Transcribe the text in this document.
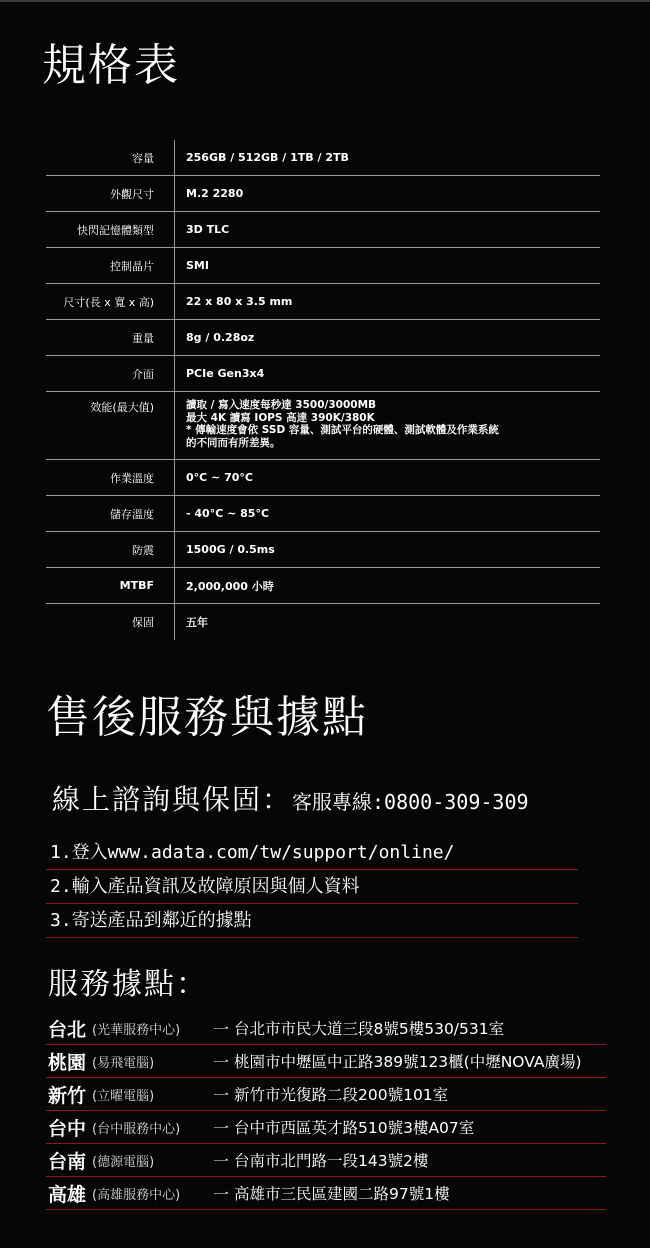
規格表
容量	256GB / 512GB / 1TB / 2TB
外觀尺寸	M.2 2280
快閃記憶體類型	3D TLC
控制晶片	SMI
尺寸(長 x 寬 x 高)	22 x 80 x 3.5 mm
重量	8g / 0.28oz
介面	PCIe Gen3x4
效能(最大值)	讀取 / 寫入速度每秒達 3500/3000MB
最大 4K 讀寫 IOPS 高達 390K/380K
* 傳輸速度會依 SSD 容量、測試平台的硬體、測試軟體及作業系統
的不同而有所差異。
作業溫度	0°C ~ 70°C
儲存溫度	- 40°C ~ 85°C
防震	1500G / 0.5ms
MTBF	2,000,000 小時
保固	五年
售後服務與據點
線上諮詢與保固：客服專線:0800-309-309
1.登入www.adata.com/tw/support/online/
2.輸入產品資訊及故障原因與個人資料
3.寄送產品到鄰近的據點
服務據點：
台北 (光華服務中心)	一 台北市市民大道三段8號5樓530/531室
桃園 (易飛電腦)	一 桃園市中壢區中正路389號123櫃(中壢NOVA廣場)
新竹 (立曜電腦)	一 新竹市光復路二段200號101室
台中 (台中服務中心)	一 台中市西區英才路510號3樓A07室
台南 (德源電腦)	一 台南市北門路一段143號2樓
高雄 (高雄服務中心)	一 高雄市三民區建國二路97號1樓
